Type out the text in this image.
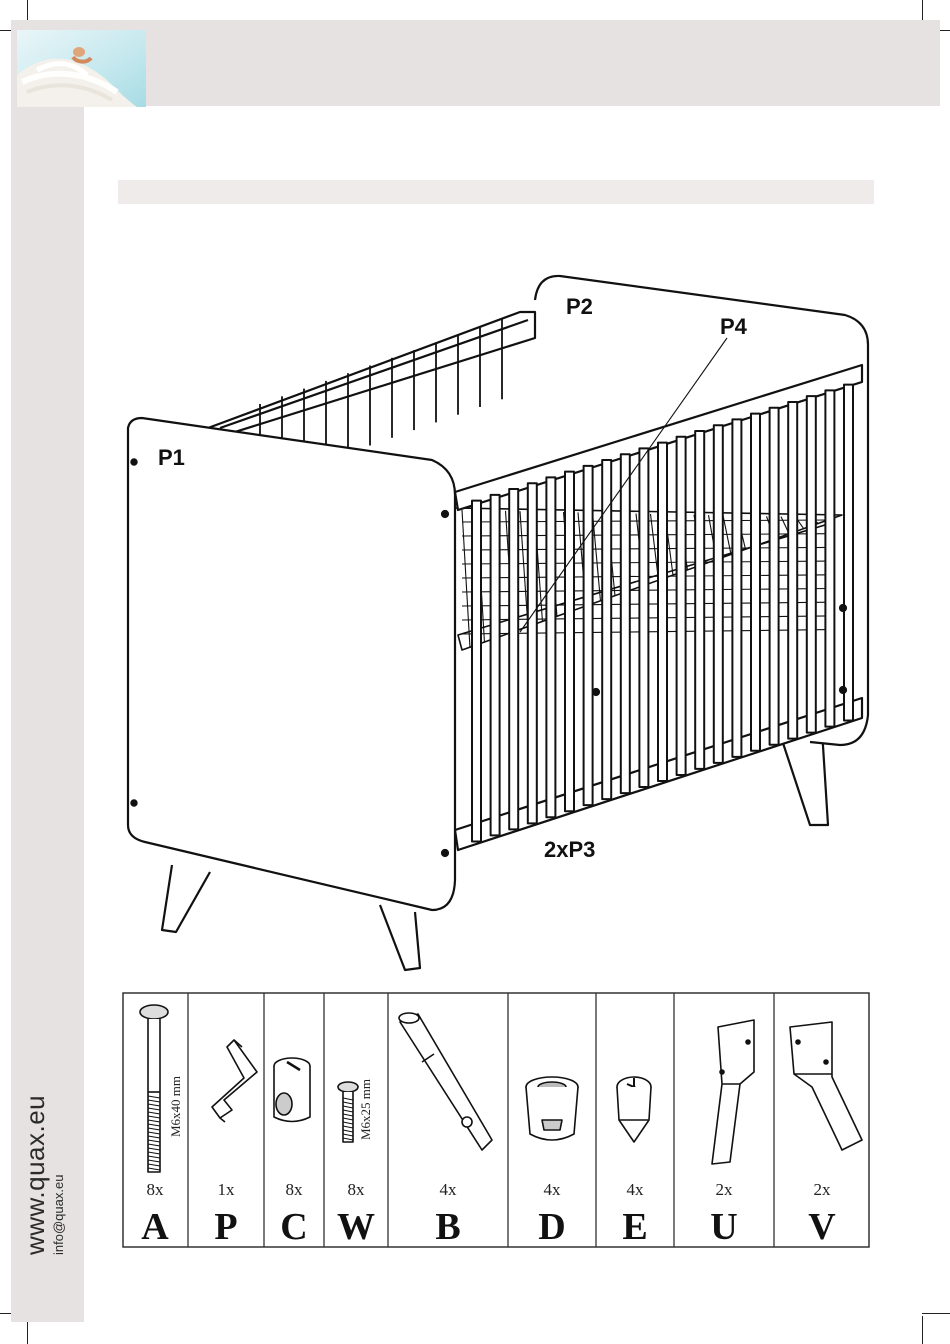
www.quax.eu info@quax.eu
P1
P2
P4
2xP3
8x
A
M6x40 mm
1x
P
8x
C
8x
W
M6x25 mm
4x
B
4x
D
4x
E
2x
U
2x
V
